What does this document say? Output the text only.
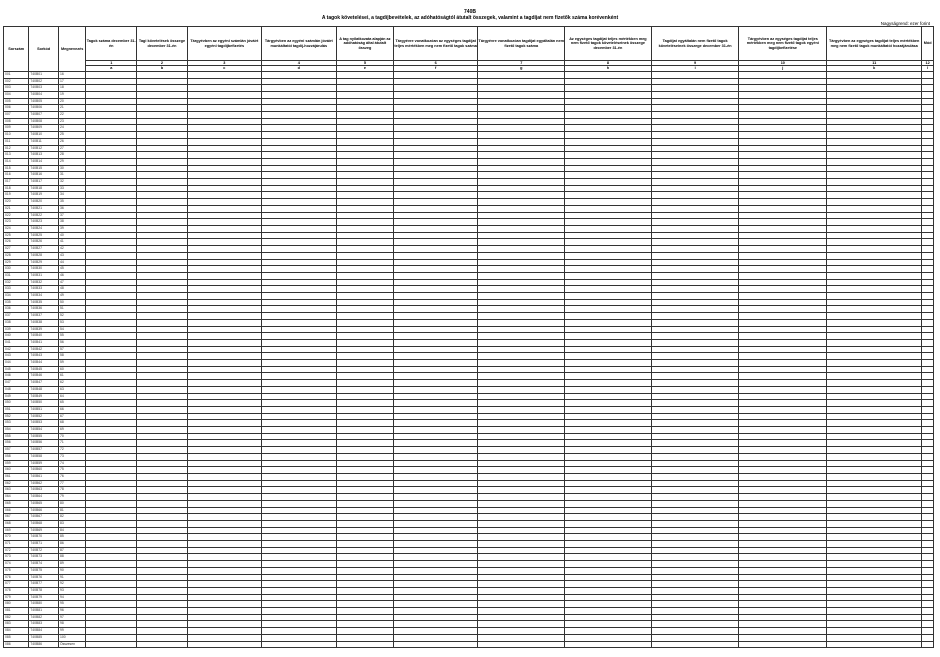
740B
A tagok követelései, a tagdíjbevételek, az adóhatóságtól átutalt összegek, valamint a tagdíjat nem fizetők száma korévenként
Nagyságrend: ezer forint
Sorszám	Sorkód	Megnevezés	Tagok száma december 31-én	Tagi követelések összege december 31-én	Tárgyévben az egyéni számlán jóváírt egyéni tagdíjbefizetés	Tárgyévben az egyéni számlán jóváírt munkáltatói tagdíj-hozzájárulás	A tag nyilatkozata alapján az adóhatóság által átutalt összeg	Tárgyévre vonatkozóan az egységes tagdíjat teljes mértékben meg nem fizető tagok száma	Tárgyévre vonatkozóan tagdíjat egyáltalán nem fizető tagok száma	Az egységes tagdíjat teljes mértékben meg nem fizető tagok követeléseinek összege december 31-én	Tagdíjat egyáltalán nem fizető tagok követeléseinek összege december 31-én	Tárgyévben az egységes tagdíjat teljes mértékben meg nem fizető tagok egyéni tagdíjbefizetése	Tárgyévben az egységes tagdíjat teljes mértékben meg nem fizető tagok munkáltatói hozzájárulása	Mód
			1	2	3	4	5	6	7	8	9	10	11	12
			a	b	c	d	e	f	g	h	i	j	k	l
001	740B01	16												
002	740B02	17												
003	740B03	18												
004	740B04	19												
005	740B05	20												
006	740B06	21												
007	740B07	22												
008	740B08	23												
009	740B09	24												
010	740B10	25												
011	740B11	26												
012	740B12	27												
013	740B13	28												
014	740B14	29												
015	740B15	30												
016	740B16	31												
017	740B17	32												
018	740B18	33												
019	740B19	34												
020	740B20	35												
021	740B21	36												
022	740B22	37												
023	740B23	38												
024	740B24	39												
025	740B25	40												
026	740B26	41												
027	740B27	42												
028	740B28	43												
029	740B29	44												
030	740B30	45												
031	740B31	46												
032	740B32	47												
033	740B33	48												
034	740B34	49												
035	740B35	50												
036	740B36	51												
037	740B37	52												
038	740B38	53												
039	740B39	54												
040	740B40	55												
041	740B41	56												
042	740B42	57												
043	740B43	58												
044	740B44	59												
045	740B45	60												
046	740B46	61												
047	740B47	62												
048	740B48	63												
049	740B49	64												
050	740B50	65												
051	740B51	66												
052	740B52	67												
053	740B53	68												
054	740B54	69												
055	740B55	70												
056	740B56	71												
057	740B57	72												
058	740B58	73												
059	740B59	74												
060	740B60	75												
061	740B61	76												
062	740B62	77												
063	740B63	78												
064	740B64	79												
065	740B65	80												
066	740B66	81												
067	740B67	82												
068	740B68	83												
069	740B69	84												
070	740B70	85												
071	740B71	86												
072	740B72	87												
073	740B73	88												
074	740B74	89												
075	740B75	90												
076	740B76	91												
077	740B77	92												
078	740B78	93												
079	740B79	94												
080	740B80	95												
081	740B81	96												
082	740B82	97												
083	740B83	98												
084	740B84	99												
085	740B85	100												
086	740B86	Összesen												
